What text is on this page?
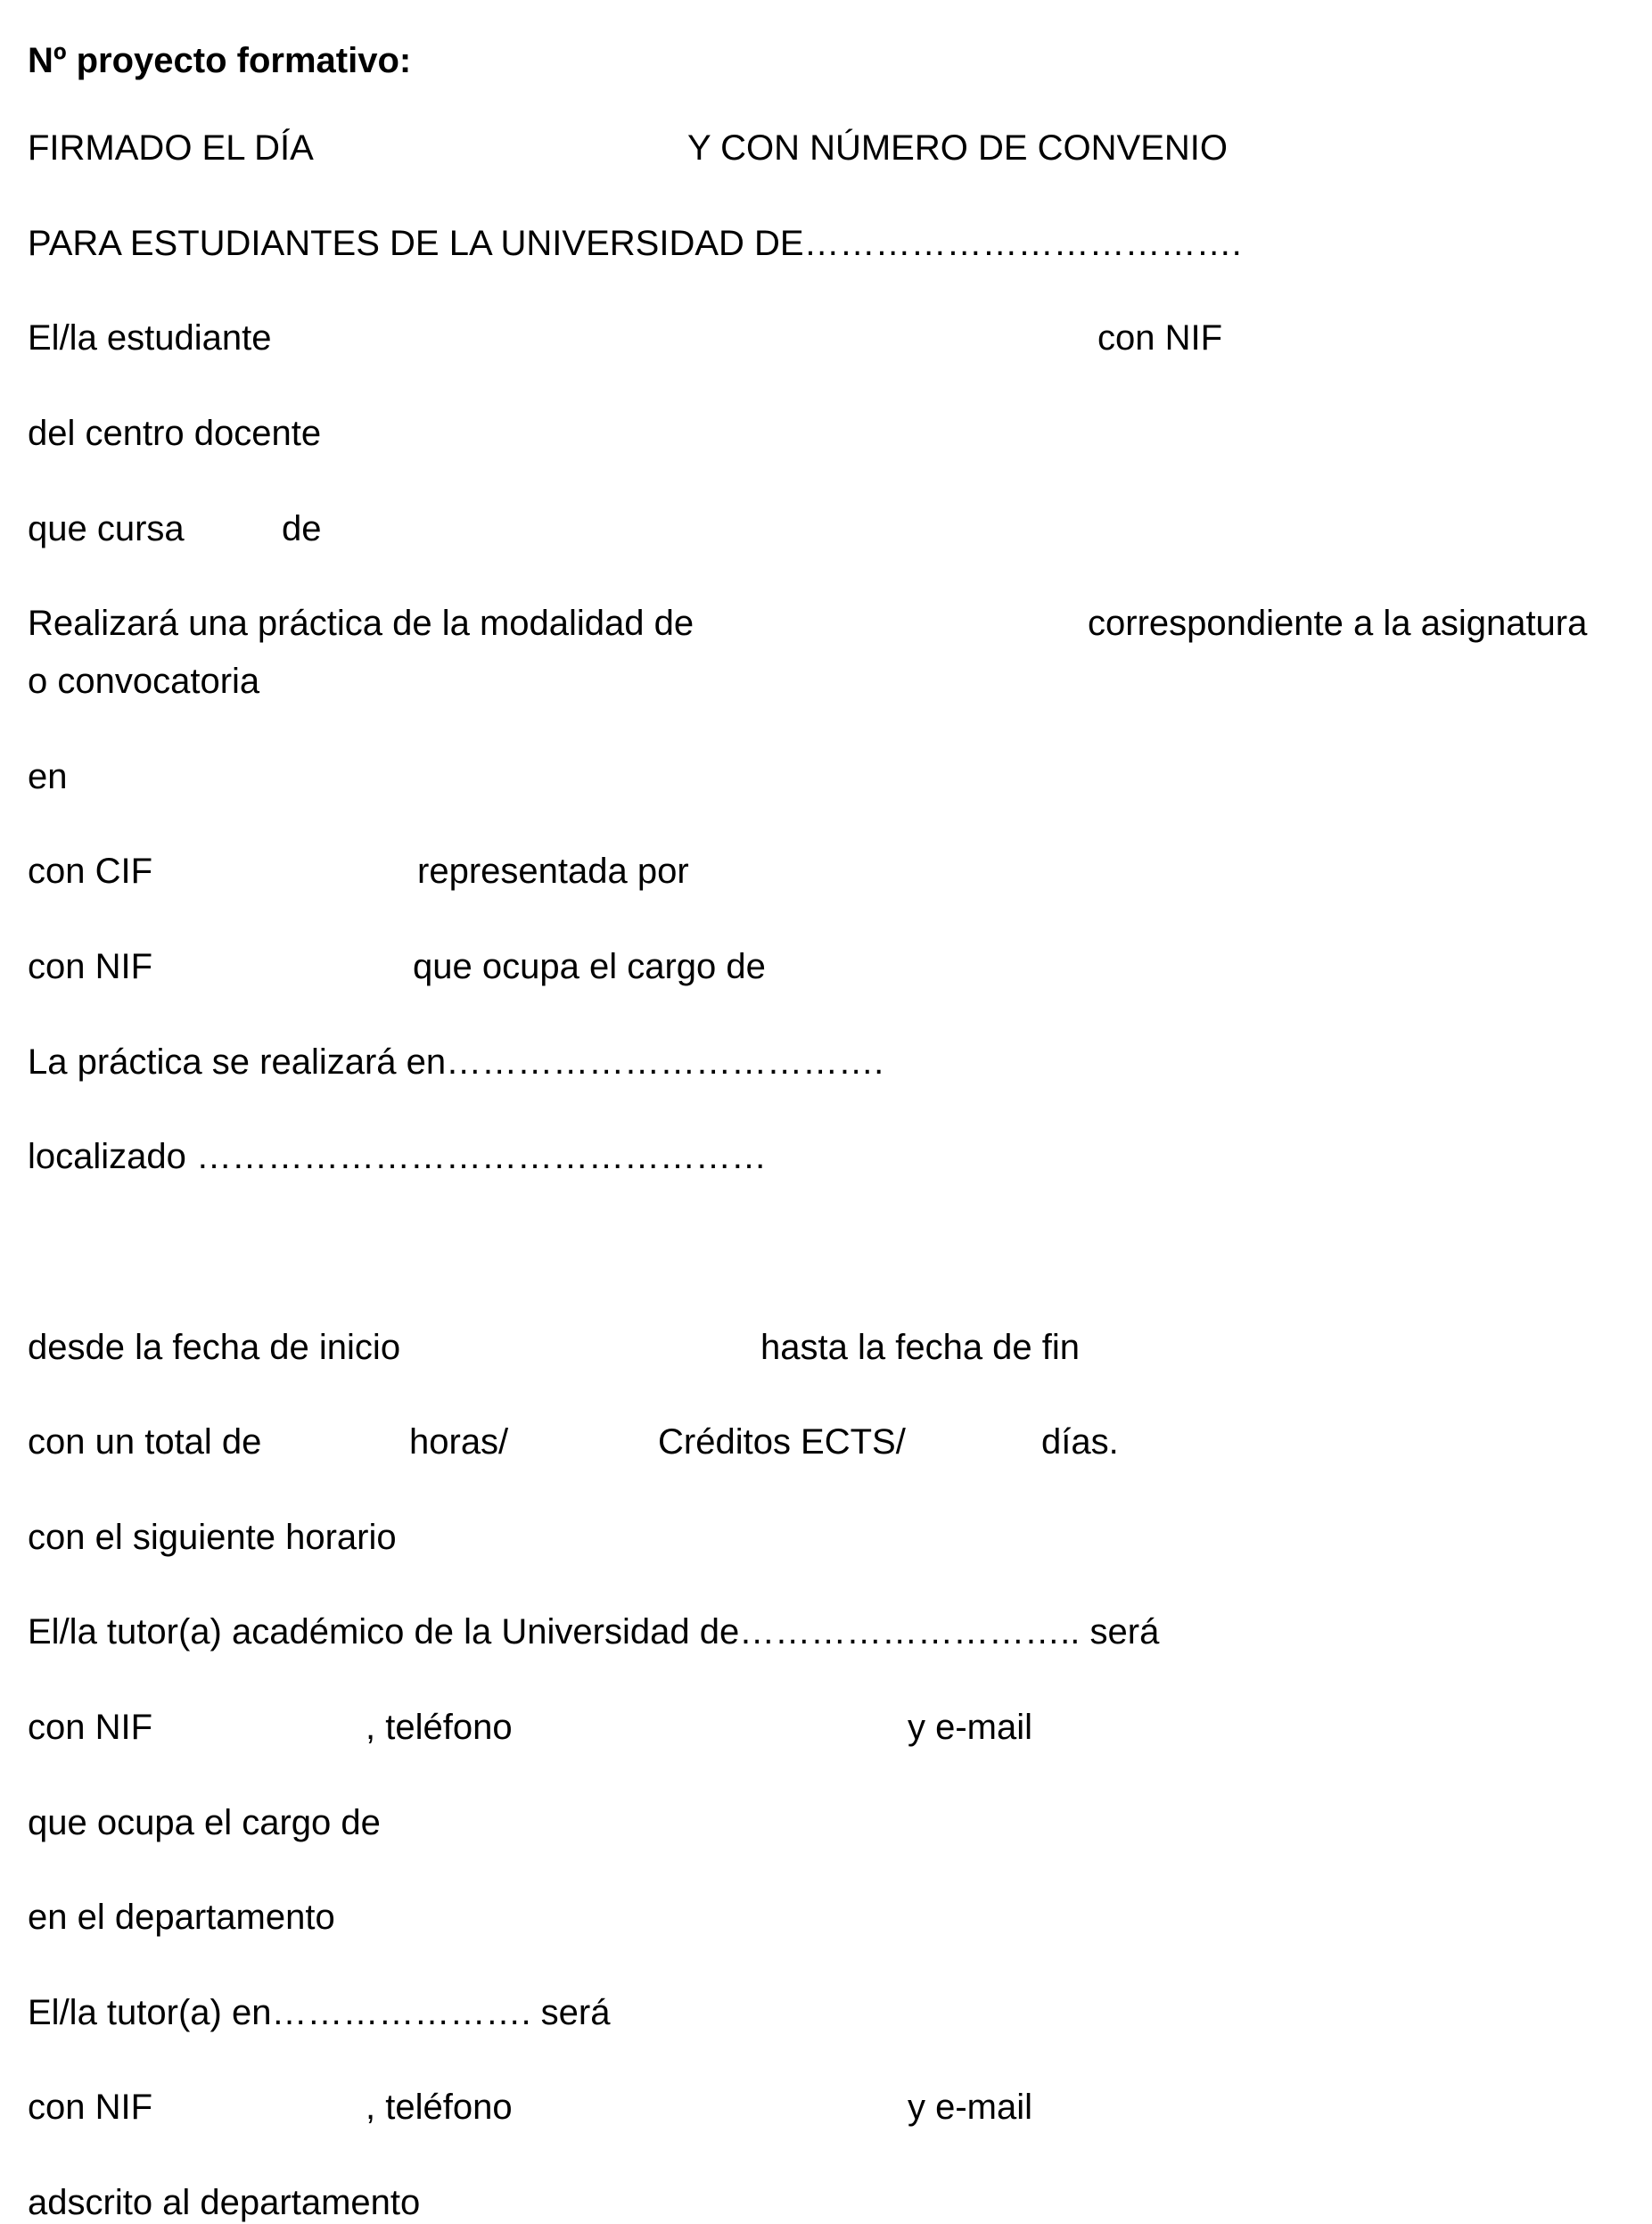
Nº proyecto formativo:
FIRMADO EL DÍA	Y CON NÚMERO DE CONVENIO
PARA ESTUDIANTES DE LA UNIVERSIDAD DE……………………………….
El/la estudiante	con NIF
del centro docente
que cursa	de
Realizará una práctica de la modalidad de	correspondiente a la asignatura
o convocatoria
en
con CIF	representada por
con NIF	que ocupa el cargo de
La práctica se realizará en……………………………….
localizado …………………………………………
desde la fecha de inicio	hasta la fecha de fin
con un total de	horas/	Créditos ECTS/	días.
con el siguiente horario
El/la tutor(a) académico de la Universidad de……………………….. será
con NIF	, teléfono	y e-mail
que ocupa el cargo de
en el departamento
El/la tutor(a) en…………………. será
con NIF	, teléfono	y e-mail
adscrito al departamento
